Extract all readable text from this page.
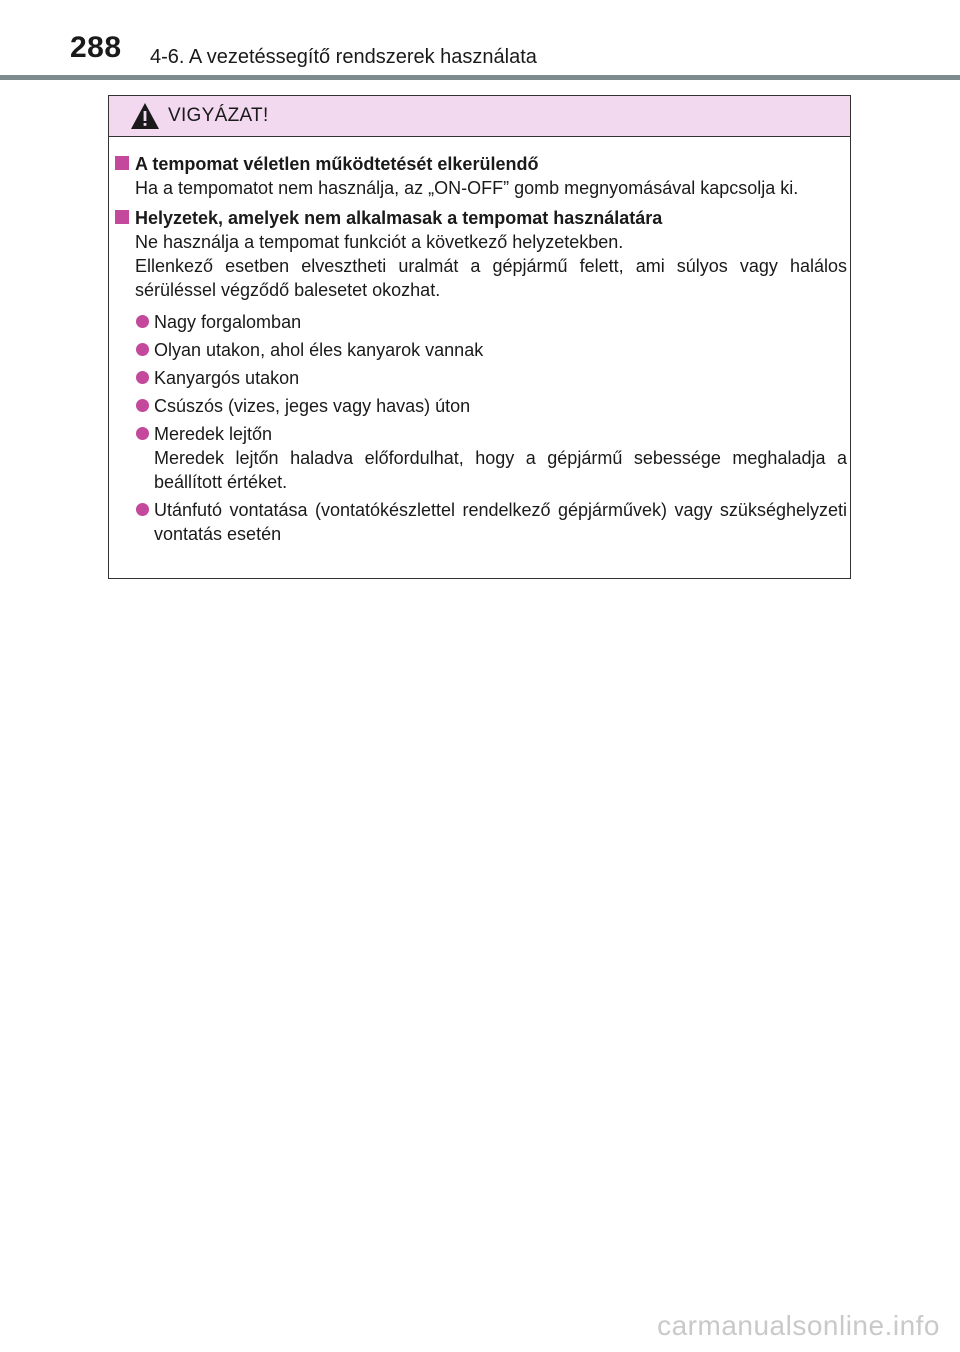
288 4-6. A vezetéssegítő rendszerek használata
VIGYÁZAT!
A tempomat véletlen működtetését elkerülendő
Ha a tempomatot nem használja, az „ON-OFF” gomb megnyomásával kapcsolja ki.
Helyzetek, amelyek nem alkalmasak a tempomat használatára
Ne használja a tempomat funkciót a következő helyzetekben.
Ellenkező esetben elvesztheti uralmát a gépjármű felett, ami súlyos vagy halálos sérüléssel végződő balesetet okozhat.
Nagy forgalomban
Olyan utakon, ahol éles kanyarok vannak
Kanyargós utakon
Csúszós (vizes, jeges vagy havas) úton
Meredek lejtőn
Meredek lejtőn haladva előfordulhat, hogy a gépjármű sebessége meghaladja a beállított értéket.
Utánfutó vontatása (vontatókészlettel rendelkező gépjárművek) vagy szükséghelyzeti vontatás esetén
carmanualsonline.info
